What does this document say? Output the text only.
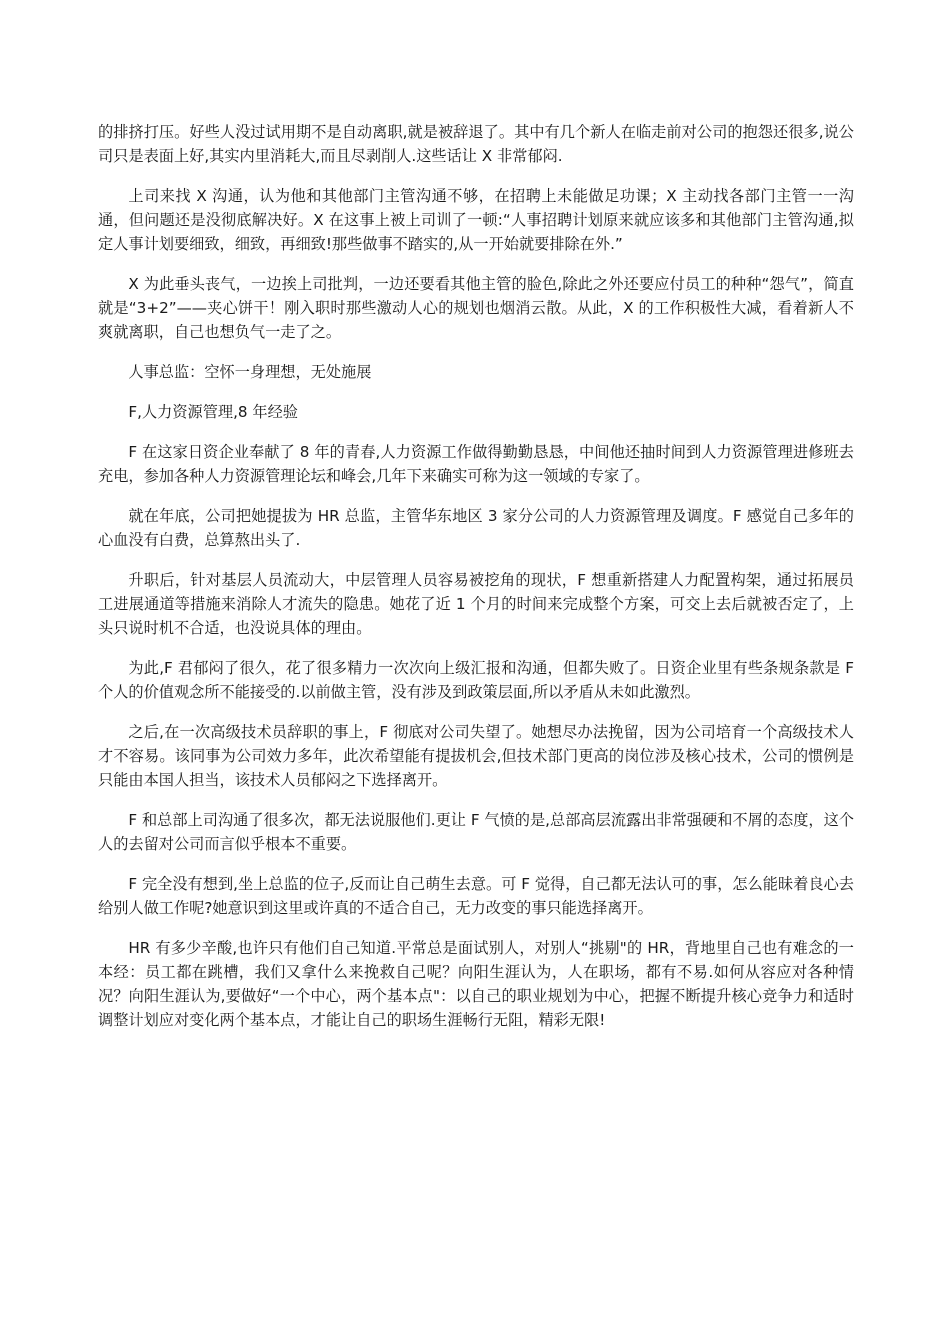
的排挤打压。好些人没过试用期不是自动离职,就是被辞退了。其中有几个新人在临走前对公司的抱怨还很多,说公司只是表面上好,其实内里消耗大,而且尽剥削人.这些话让 X 非常郁闷.

上司来找 X 沟通，认为他和其他部门主管沟通不够，在招聘上未能做足功课；X 主动找各部门主管一一沟通，但问题还是没彻底解决好。X 在这事上被上司训了一顿:“人事招聘计划原来就应该多和其他部门主管沟通,拟定人事计划要细致，细致，再细致!那些做事不踏实的,从一开始就要排除在外.”

X 为此垂头丧气，一边挨上司批判，一边还要看其他主管的脸色,除此之外还要应付员工的种种“怨气”，简直就是“3+2”——夹心饼干！刚入职时那些激动人心的规划也烟消云散。从此，X 的工作积极性大减，看着新人不爽就离职，自己也想负气一走了之。

人事总监：空怀一身理想，无处施展

F,人力资源管理,8 年经验

F 在这家日资企业奉献了 8 年的青春,人力资源工作做得勤勤恳恳，中间他还抽时间到人力资源管理进修班去充电，参加各种人力资源管理论坛和峰会,几年下来确实可称为这一领域的专家了。

就在年底，公司把她提拔为 HR 总监，主管华东地区 3 家分公司的人力资源管理及调度。F 感觉自己多年的心血没有白费，总算熬出头了.

升职后，针对基层人员流动大，中层管理人员容易被挖角的现状，F 想重新搭建人力配置构架，通过拓展员工进展通道等措施来消除人才流失的隐患。她花了近 1 个月的时间来完成整个方案，可交上去后就被否定了，上头只说时机不合适，也没说具体的理由。

为此,F 君郁闷了很久，花了很多精力一次次向上级汇报和沟通，但都失败了。日资企业里有些条规条款是 F 个人的价值观念所不能接受的.以前做主管，没有涉及到政策层面,所以矛盾从未如此激烈。

之后,在一次高级技术员辞职的事上，F 彻底对公司失望了。她想尽办法挽留，因为公司培育一个高级技术人才不容易。该同事为公司效力多年，此次希望能有提拔机会,但技术部门更高的岗位涉及核心技术，公司的惯例是只能由本国人担当，该技术人员郁闷之下选择离开。

F 和总部上司沟通了很多次，都无法说服他们.更让 F 气愤的是,总部高层流露出非常强硬和不屑的态度，这个人的去留对公司而言似乎根本不重要。

F 完全没有想到,坐上总监的位子,反而让自己萌生去意。可 F 觉得，自己都无法认可的事，怎么能昧着良心去给别人做工作呢?她意识到这里或许真的不适合自己，无力改变的事只能选择离开。

HR 有多少辛酸,也许只有他们自己知道.平常总是面试别人，对别人“挑剔"的 HR，背地里自己也有难念的一本经：员工都在跳槽，我们又拿什么来挽救自己呢？向阳生涯认为，人在职场，都有不易.如何从容应对各种情况？向阳生涯认为,要做好“一个中心，两个基本点"：以自己的职业规划为中心，把握不断提升核心竞争力和适时调整计划应对变化两个基本点，才能让自己的职场生涯畅行无阻，精彩无限!
